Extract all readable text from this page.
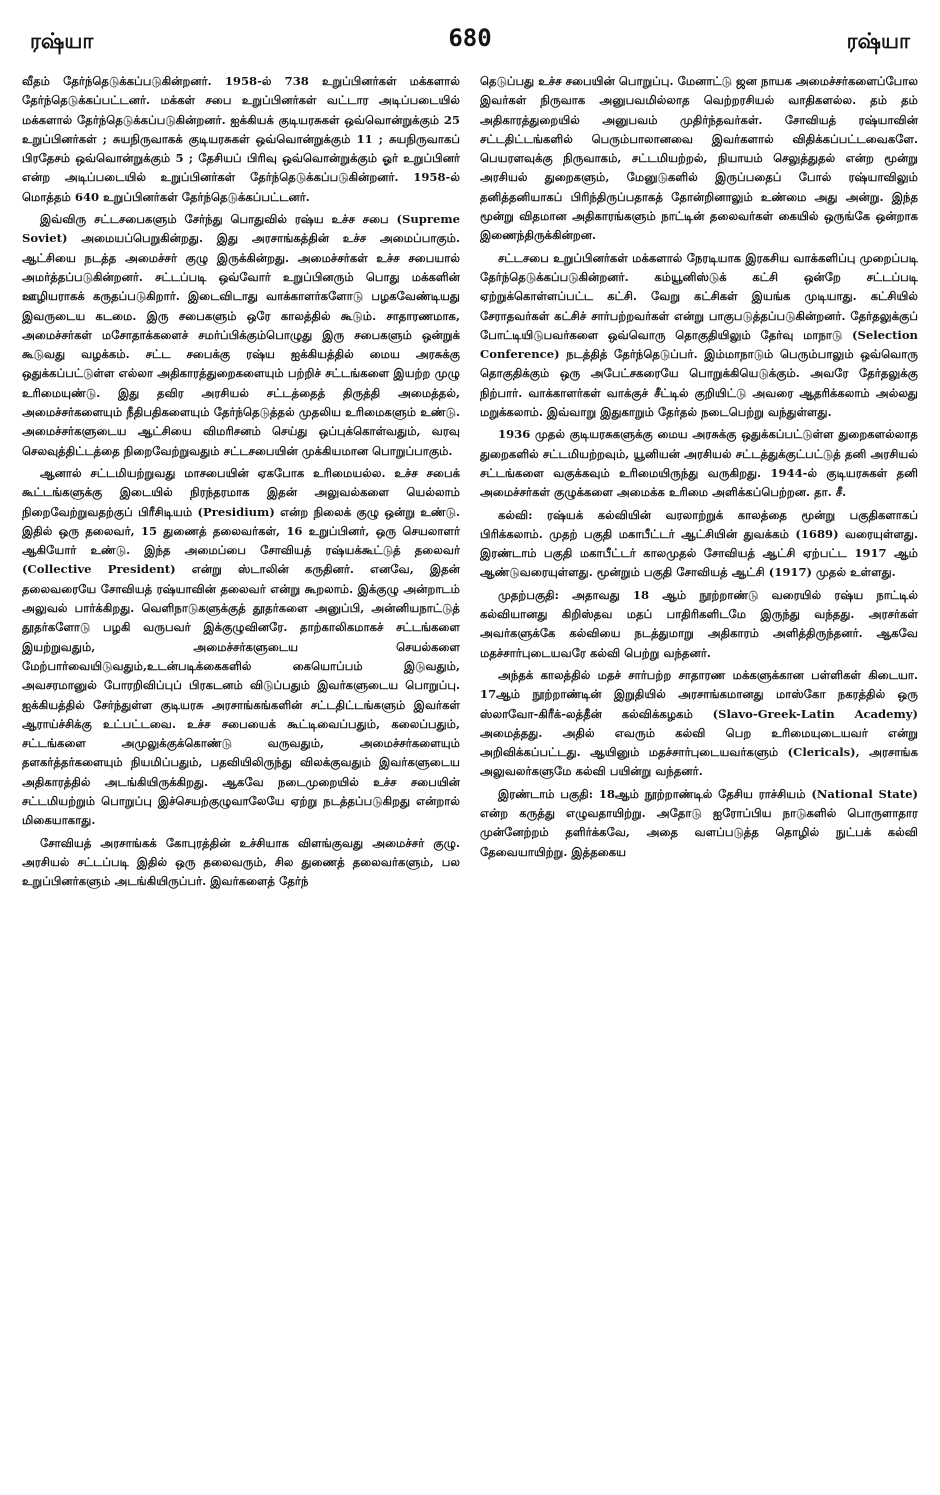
ரஷ்யா	680	ரஷ்யா

வீதம் தேர்ந்தெடுக்கப்படுகின்றனர். 1958-ல் 738 உறுப்பினர்கள் மக்களால் தேர்ந்தெடுக்கப்பட்டனர். மக்கள் சபை உறுப்பினர்கள் வட்டார அடிப்படையில் மக்களால் தேர்ந்தெடுக்கப்படுகின்றனர். ஐக்கியக் குடியரசுகள் ஒவ்வொன்றுக்கும் 25 உறுப்பினர்கள் ; சுயநிருவாகக் குடியரசுகள் ஒவ்வொன்றுக்கும் 11 ; சுயநிருவாகப் பிரதேசம் ஒவ்வொன்றுக்கும் 5 ; தேசியப் பிரிவு ஒவ்வொன்றுக்கும் ஓர் உறுப்பினர் என்ற அடிப்படையில் உறுப்பினர்கள் தேர்ந்தெடுக்கப்படுகின்றனர். 1958-ல் மொத்தம் 640 உறுப்பினர்கள் தேர்ந்தெடுக்கப்பட்டனர்.

இவ்விரு சட்டசபைகளும் சேர்ந்து பொதுவில் ரஷ்ய உச்ச சபை (Supreme Soviet) அமையப்பெறுகின்றது. இது அரசாங்கத்தின் உச்ச அமைப்பாகும். ஆட்சியை நடத்த அமைச்சர் குழு இருக்கின்றது. அமைச்சர்கள் உச்ச சபையால் அமர்த்தப்படுகின்றனர். சட்டப்படி ஒவ்வோர் உறுப்பினரும் பொது மக்களின் ஊழியராகக் கருதப்படுகிறார். இடைவிடாது வாக்காளர்களோடு பழகவேண்டியது இவருடைய கடமை. இரு சபைகளும் ஒரே காலத்தில் கூடும். சாதாரணமாக, அமைச்சர்கள் மசோதாக்களைச் சமர்ப்பிக்கும்பொழுது இரு சபைகளும் ஒன்றுக் கூடுவது வழக்கம். சட்ட சபைக்கு ரஷ்ய ஐக்கியத்தில் மைய அரசுக்கு ஒதுக்கப்பட்டுள்ள எல்லா அதிகாரத்துறைகளையும் பற்றிச் சட்டங்களை இயற்ற முழு உரிமையுண்டு. இது தவிர அரசியல் சட்டத்தைத் திருத்தி அமைத்தல், அமைச்சர்களையும் நீதிபதிகளையும் தேர்ந்தெடுத்தல் முதலிய உரிமைகளும் உண்டு. அமைச்சர்களுடைய ஆட்சியை விமரிசனம் செய்து ஒப்புக்கொள்வதும், வரவு செலவுத்திட்டத்தை நிறைவேற்றுவதும் சட்டசபையின் முக்கியமான பொறுப்பாகும்.

ஆனால் சட்டமியற்றுவது மாசபையின் ஏகபோக உரிமையல்ல. உச்ச சபைக் கூட்டங்களுக்கு இடையில் நிரந்தரமாக இதன் அலுவல்களை யெல்லாம் நிறைவேற்றுவதற்குப் பிரீசிடியம் (Presidium) என்ற நிலைக் குழு ஒன்று உண்டு. இதில் ஒரு தலைவர், 15 துணைத் தலைவர்கள், 16 உறுப்பினர், ஒரு செயலாளர் ஆகியோர் உண்டு. இந்த அமைப்பை சோவியத் ரஷ்யக்கூட்டுத் தலைவர் (Collective President) என்று ஸ்டாலின் கருதினர். எனவே, இதன் தலைவரையே சோவியத் ரஷ்யாவின் தலைவர் என்று கூறலாம். இக்குழு அன்றாடம் அலுவல் பார்க்கிறது. வெளிநாடுகளுக்குத் தூதர்களை அனுப்பி, அன்னியநாட்டுத் தூதர்களோடு பழகி வருபவர் இக்குழுவினரே. தாற்காலிகமாகச் சட்டங்களை இயற்றுவதும், அமைச்சர்களுடைய செயல்களை மேற்பார்வையிடுவதும்,உடன்படிக்கைகளில் கையொப்பம் இடுவதும், அவசரமானுல் போரறிவிப்புப் பிரகடனம் விடுப்பதும் இவர்களுடைய பொறுப்பு. ஐக்கியத்தில் சேர்ந்துள்ள குடியரசு அரசாங்கங்களின் சட்டதிட்டங்களும் இவர்கள் ஆராய்ச்சிக்கு உட்பட்டவை. உச்ச சபையைக் கூட்டிவைப்பதும், கலைப்பதும், சட்டங்களை அமுலுக்குக்கொண்டு வருவதும், அமைச்சர்களையும் தளகர்த்தர்களையும் நியமிப்பதும், பதவியிலிருந்து விலக்குவதும் இவர்களுடைய அதிகாரத்தில் அடங்கியிருக்கிறது. ஆகவே நடைமுறையில் உச்ச சபையின் சட்டமியற்றும் பொறுப்பு இச்செயற்குழுவாலேயே ஏற்று நடத்தப்படுகிறது என்றால் மிகையாகாது.

சோவியத் அரசாங்கக் கோபுரத்தின் உச்சியாக விளங்குவது அமைச்சர் குழு. அரசியல் சட்டப்படி இதில் ஒரு தலைவரும், சில துணைத் தலைவர்களும், பல உறுப்பினர்களும் அடங்கியிருப்பர். இவர்களைத் தேர்ந்

தெடுப்பது உச்ச சபையின் பொறுப்பு. மேனாட்டு ஜன நாயக அமைச்சர்களைப்போல இவர்கள் நிருவாக அனுபவமில்லாத வெற்றரசியல் வாதிகளல்ல. தம் தம் அதிகாரத்துறையில் அனுபவம் முதிர்ந்தவர்கள். சோவியத் ரஷ்யாவின் சட்டதிட்டங்களில் பெரும்பாலானவை இவர்களால் விதிக்கப்பட்டவைகளே. பெயரளவுக்கு நிருவாகம், சட்டமியற்றல், நியாயம் செலுத்துதல் என்ற மூன்று அரசியல் துறைகளும், மேனுடுகளில் இருப்பதைப் போல் ரஷ்யாவிலும் தனித்தனியாகப் பிரிந்திருப்பதாகத் தோன்றினாலும் உண்மை அது அன்று. இந்த மூன்று விதமான அதிகாரங்களும் நாட்டின் தலைவர்கள் கையில் ஒருங்கே ஒன்றாக இணைந்திருக்கின்றன.

சட்டசபை உறுப்பினர்கள் மக்களால் நேரடியாக இரகசிய வாக்களிப்பு முறைப்படி தேர்ந்தெடுக்கப்படுகின்றனர். கம்யூனிஸ்டுக் கட்சி ஒன்றே சட்டப்படி ஏற்றுக்கொள்ளப்பட்ட கட்சி. வேறு கட்சிகள் இயங்க முடியாது. கட்சியில் சேராதவர்கள் கட்சிச் சார்பற்றவர்கள் என்று பாகுபடுத்தப்படுகின்றனர். தேர்தலுக்குப் போட்டியிடுபவர்களை ஒவ்வொரு தொகுதியிலும் தேர்வு மாநாடு (Selection Conference) நடத்தித் தேர்ந்தெடுப்பர். இம்மாநாடும் பெரும்பாலும் ஒவ்வொரு தொகுதிக்கும் ஒரு அபேட்சகரையே பொறுக்கியெடுக்கும். அவரே தேர்தலுக்கு நிற்பார். வாக்காளர்கள் வாக்குச் சீட்டில் குறியிட்டு அவரை ஆதரிக்கலாம் அல்லது மறுக்கலாம். இவ்வாறு இதுகாறும் தேர்தல் நடைபெற்று வந்துள்ளது.

1936 முதல் குடியரசுகளுக்கு மைய அரசுக்கு ஒதுக்கப்பட்டுள்ள துறைகளல்லாத துறைகளில் சட்டமியற்றவும், யூனியன் அரசியல் சட்டத்துக்குட்பட்டுத் தனி அரசியல் சட்டங்களை வகுக்கவும் உரிமையிருந்து வருகிறது. 1944-ல் குடியரசுகள் தனி அமைச்சர்கள் குழுக்களை அமைக்க உரிமை அளிக்கப்பெற்றன. தா. சீ.

கல்வி: ரஷ்யக் கல்வியின் வரலாற்றுக் காலத்தை மூன்று பகுதிகளாகப் பிரிக்கலாம். முதற் பகுதி மகாபீட்டர் ஆட்சியின் துவக்கம் (1689) வரையுள்ளது. இரண்டாம் பகுதி மகாபீட்டர் காலமுதல் சோவியத் ஆட்சி ஏற்பட்ட 1917 ஆம் ஆண்டுவரையுள்ளது. மூன்றும் பகுதி சோவியத் ஆட்சி (1917) முதல் உள்ளது.

முதற்பகுதி: அதாவது 18 ஆம் நூற்றாண்டு வரையில் ரஷ்ய நாட்டில் கல்வியானது கிறிஸ்தவ மதப் பாதிரிகளிடமே இருந்து வந்தது. அரசர்கள் அவர்களுக்கே கல்வியை நடத்துமாறு அதிகாரம் அளித்திருந்தனர். ஆகவே மதச்சார்புடையவரே கல்வி பெற்று வந்தனர்.

அந்தக் காலத்தில் மதச் சார்பற்ற சாதாரண மக்களுக்கான பள்ளிகள் கிடையா. 17ஆம் நூற்றாண்டின் இறுதியில் அரசாங்கமானது மாஸ்கோ நகரத்தில் ஒரு ஸ்லாவோ-கிரீக்-லத்தீன் கல்விக்கழகம் (Slavo-Greek-Latin Academy) அமைத்தது. அதில் எவரும் கல்வி பெற உரிமையுடையவர் என்று அறிவிக்கப்பட்டது. ஆயினும் மதச்சார்புடையவர்களும் (Clericals), அரசாங்க அலுவலர்களுமே கல்வி பயின்று வந்தனர்.

இரண்டாம் பகுதி: 18ஆம் நூற்றாண்டில் தேசிய ராச்சியம் (National State) என்ற கருத்து எழுவதாயிற்று. அதோடு ஐரோப்பிய நாடுகளில் பொருளாதார முன்னேற்றம் தளிர்க்கவே, அதை வளப்படுத்த தொழில் நுட்பக் கல்வி தேவையாயிற்று. இத்தகைய
